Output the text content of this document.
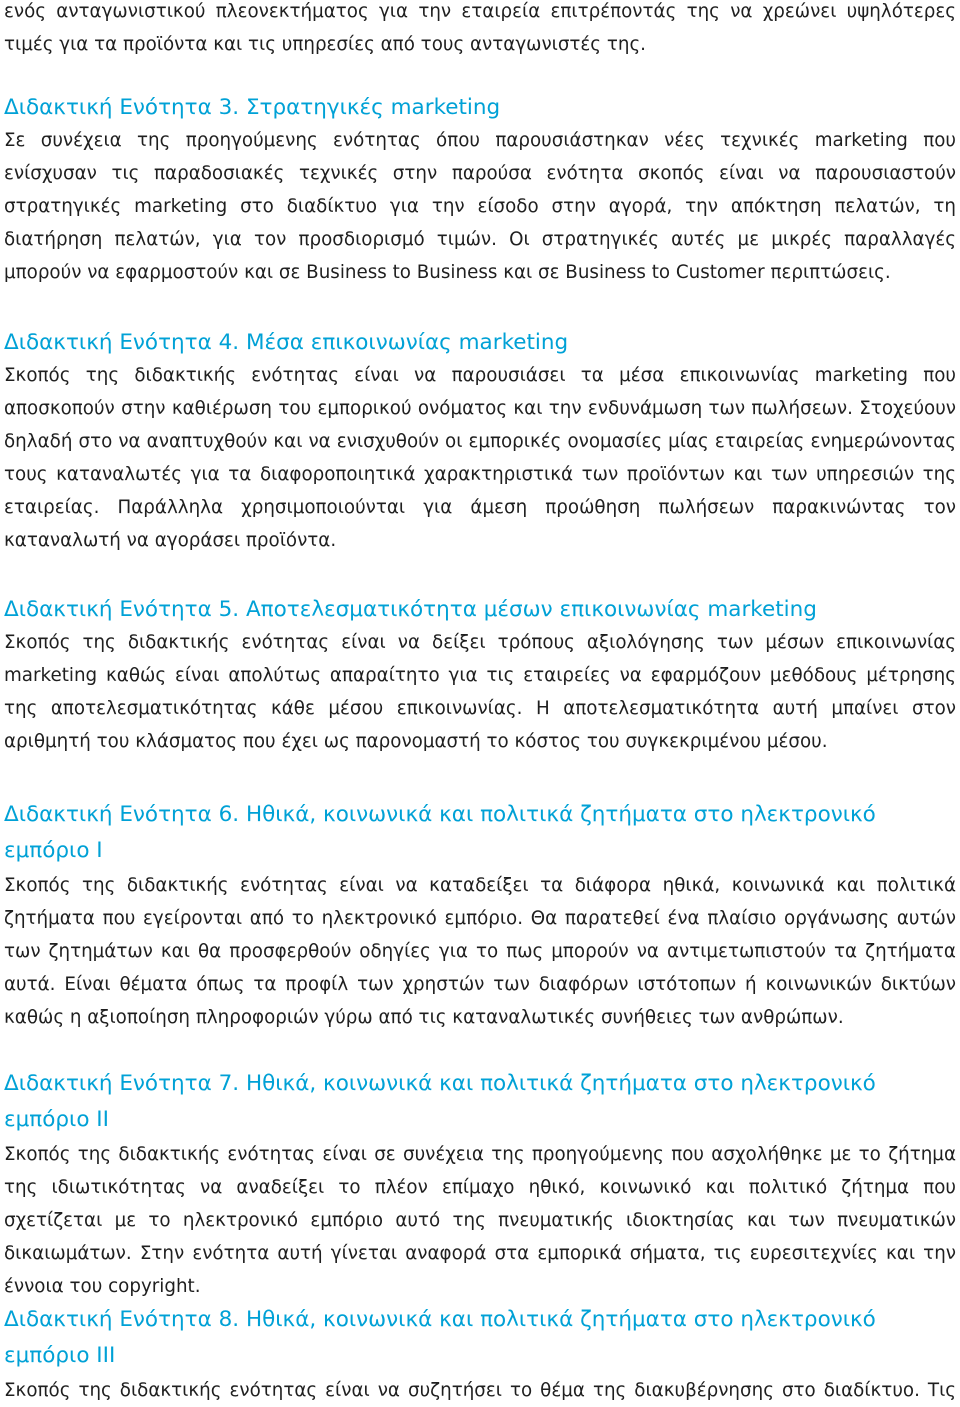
ενός ανταγωνιστικού πλεονεκτήματος για την εταιρεία επιτρέποντάς της να χρεώνει υψηλότερες τιμές για τα προϊόντα και τις υπηρεσίες από τους ανταγωνιστές της.

Διδακτική Ενότητα 3. Στρατηγικές marketing

Σε συνέχεια της προηγούμενης ενότητας όπου παρουσιάστηκαν νέες τεχνικές marketing που ενίσχυσαν τις παραδοσιακές τεχνικές στην παρούσα ενότητα σκοπός είναι να παρουσιαστούν στρατηγικές marketing στο διαδίκτυο για την είσοδο στην αγορά, την απόκτηση πελατών, τη διατήρηση πελατών, για τον προσδιορισμό τιμών. Οι στρατηγικές αυτές με μικρές παραλλαγές μπορούν να εφαρμοστούν και σε Business to Business και σε Business to Customer περιπτώσεις.

Διδακτική Ενότητα 4. Μέσα επικοινωνίας marketing

Σκοπός της διδακτικής ενότητας είναι να παρουσιάσει τα μέσα επικοινωνίας marketing που αποσκοπούν στην καθιέρωση του εμπορικού ονόματος και την ενδυνάμωση των πωλήσεων. Στοχεύουν δηλαδή στο να αναπτυχθούν και να ενισχυθούν οι εμπορικές ονομασίες μίας εταιρείας ενημερώνοντας τους καταναλωτές για τα διαφοροποιητικά χαρακτηριστικά των προϊόντων και των υπηρεσιών της εταιρείας. Παράλληλα χρησιμοποιούνται για άμεση προώθηση πωλήσεων παρακινώντας τον καταναλωτή να αγοράσει προϊόντα.

Διδακτική Ενότητα 5. Αποτελεσματικότητα μέσων επικοινωνίας marketing

Σκοπός της διδακτικής ενότητας είναι να δείξει τρόπους αξιολόγησης των μέσων επικοινωνίας marketing καθώς είναι απολύτως απαραίτητο για τις εταιρείες να εφαρμόζουν μεθόδους μέτρησης της αποτελεσματικότητας κάθε μέσου επικοινωνίας. Η αποτελεσματικότητα αυτή μπαίνει στον αριθμητή του κλάσματος που έχει ως παρονομαστή το κόστος του συγκεκριμένου μέσου.

Διδακτική Ενότητα 6. Ηθικά, κοινωνικά και πολιτικά ζητήματα στο ηλεκτρονικό εμπόριο I

Σκοπός της διδακτικής ενότητας είναι να καταδείξει τα διάφορα ηθικά, κοινωνικά και πολιτικά ζητήματα που εγείρονται από το ηλεκτρονικό εμπόριο. Θα παρατεθεί ένα πλαίσιο οργάνωσης αυτών των ζητημάτων και θα προσφερθούν οδηγίες για το πως μπορούν να αντιμετωπιστούν τα ζητήματα αυτά. Είναι θέματα όπως τα προφίλ των χρηστών των διαφόρων ιστότοπων ή κοινωνικών δικτύων καθώς η αξιοποίηση πληροφοριών γύρω από τις καταναλωτικές συνήθειες των ανθρώπων.

Διδακτική Ενότητα 7. Ηθικά, κοινωνικά και πολιτικά ζητήματα στο ηλεκτρονικό εμπόριο II

Σκοπός της διδακτικής ενότητας είναι σε συνέχεια της προηγούμενης που ασχολήθηκε με το ζήτημα της ιδιωτικότητας να αναδείξει το πλέον επίμαχο ηθικό, κοινωνικό και πολιτικό ζήτημα που σχετίζεται με το ηλεκτρονικό εμπόριο αυτό της πνευματικής ιδιοκτησίας και των πνευματικών δικαιωμάτων. Στην ενότητα αυτή γίνεται αναφορά στα εμπορικά σήματα, τις ευρεσιτεχνίες και την έννοια του copyright.

Διδακτική Ενότητα 8. Ηθικά, κοινωνικά και πολιτικά ζητήματα στο ηλεκτρονικό εμπόριο III

Σκοπός της διδακτικής ενότητας είναι να συζητήσει το θέμα της διακυβέρνησης στο διαδίκτυο. Τις
